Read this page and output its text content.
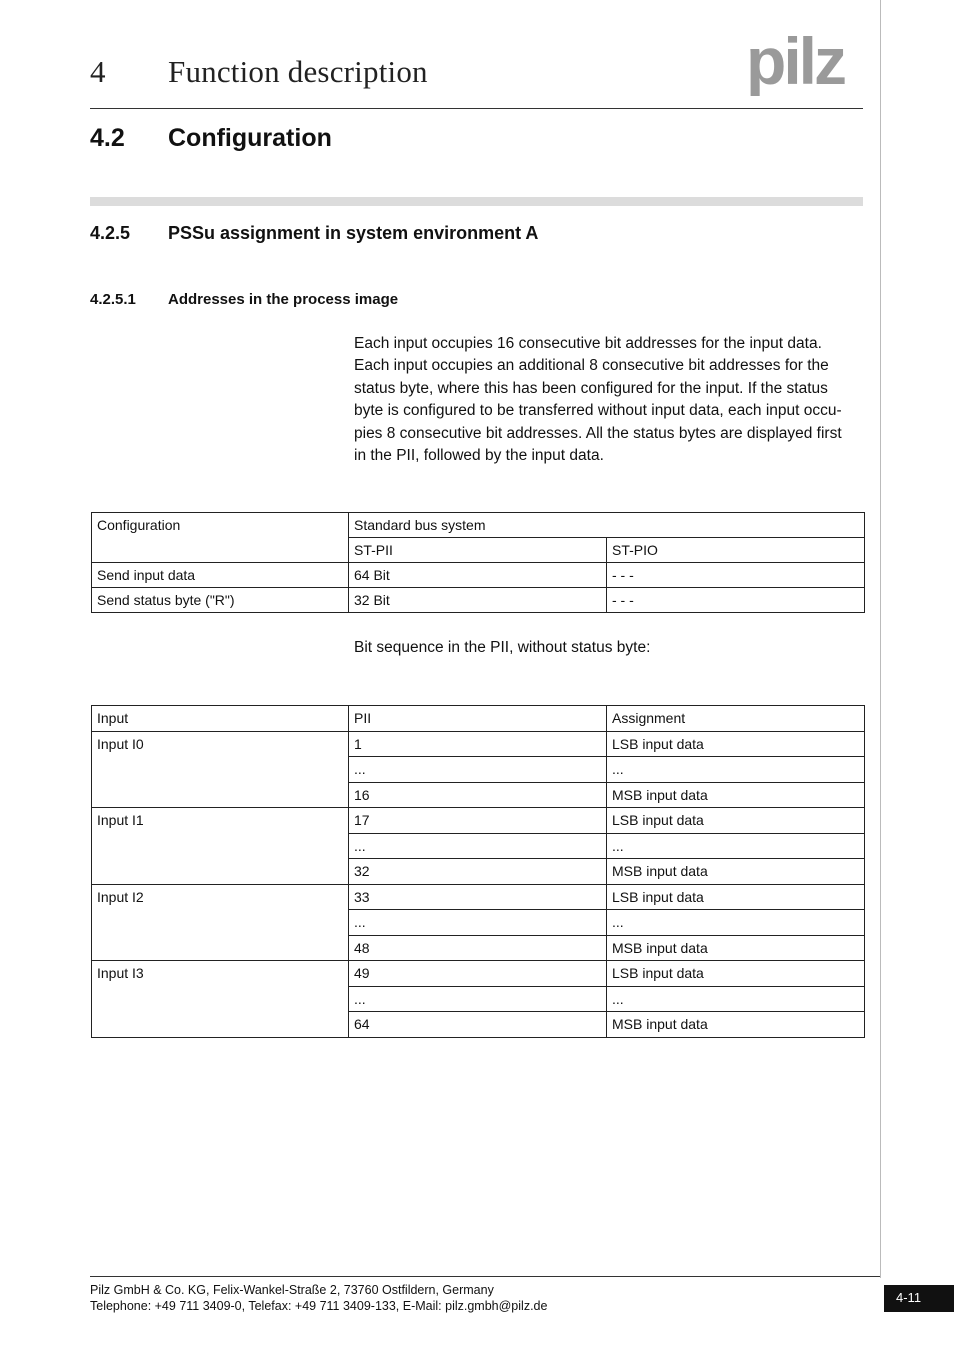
4 Function description	pilz
4.2 Configuration
4.2.5 PSSu assignment in system environment A
4.2.5.1 Addresses in the process image
Each input occupies 16 consecutive bit addresses for the input data.
Each input occupies an additional 8 consecutive bit addresses for the
status byte, where this has been configured for the input. If the status
byte is configured to be transferred without input data, each input occu-
pies 8 consecutive bit addresses. All the status bytes are displayed first
in the PII, followed by the input data.
Configuration	Standard bus system	
	ST-PII	ST-PIO
Send input data	64 Bit	- - -
Send status byte ("R")	32 Bit	- - -
Bit sequence in the PII, without status byte:
Input	PII	Assignment
Input I0	1	LSB input data
	...	...
	16	MSB input data
Input I1	17	LSB input data
	...	...
	32	MSB input data
Input I2	33	LSB input data
	...	...
	48	MSB input data
Input I3	49	LSB input data
	...	...
	64	MSB input data
Pilz GmbH & Co. KG, Felix-Wankel-Straße 2, 73760 Ostfildern, Germany
Telephone: +49 711 3409-0, Telefax: +49 711 3409-133, E-Mail: pilz.gmbh@pilz.de
4-11
